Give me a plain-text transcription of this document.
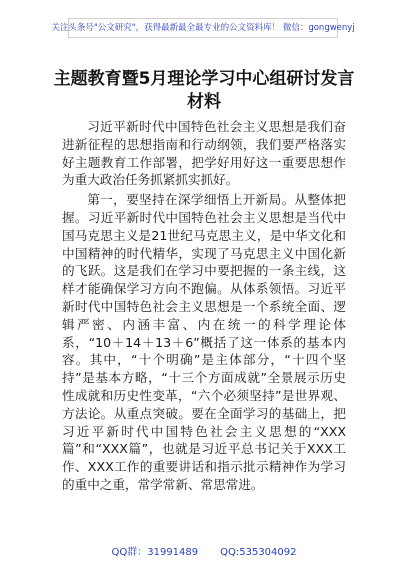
关注头条号"公文研究"，获得最新最全最专业的公文资料库！ 微信：gongwenyj
主题教育暨5月理论学习中心组研讨发言
材料

习近平新时代中国特色社会主义思想是我们奋进新征程的思想指南和行动纲领，我们要严格落实好主题教育工作部署，把学好用好这一重要思想作为重大政治任务抓紧抓实抓好。

第一，要坚持在深学细悟上开新局。从整体把握。习近平新时代中国特色社会主义思想是当代中国马克思主义是21世纪马克思主义，是中华文化和中国精神的时代精华，实现了马克思主义中国化新的飞跃。这是我们在学习中要把握的一条主线，这样才能确保学习方向不跑偏。从体系领悟。习近平新时代中国特色社会主义思想是一个系统全面、逻辑严密、内涵丰富、内在统一的科学理论体系，“10＋14＋13＋6”概括了这一体系的基本内容。其中，“十个明确”是主体部分，“十四个坚持”是基本方略，“十三个方面成就”全景展示历史性成就和历史性变革，“六个必须坚持”是世界观、方法论。从重点突破。要在全面学习的基础上，把习近平新时代中国特色社会主义思想的“XXX篇”和“XXX篇”，也就是习近平总书记关于XXX工作、XXX工作的重要讲话和指示批示精神作为学习的重中之重，常学常新、常思常进。

QQ群：31991489 QQ:535304092
